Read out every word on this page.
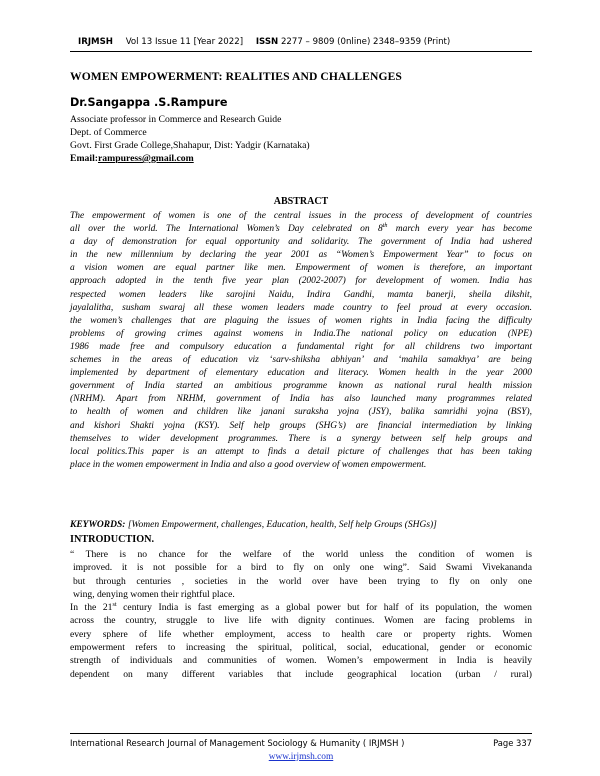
IRJMSH Vol 13 Issue 11 [Year 2022] ISSN 2277 – 9809 (0nline) 2348–9359 (Print)
WOMEN EMPOWERMENT: REALITIES AND CHALLENGES
Dr.Sangappa .S.Rampure
Associate professor in Commerce and Research Guide
Dept. of Commerce
Govt. First Grade College,Shahapur, Dist: Yadgir (Karnataka)
Email:rampuress@gmail.com
ABSTRACT
The empowerment of women is one of the central issues in the process of development of countries
all over the world. The International Women’s Day celebrated on 8th march every year has become
a day of demonstration for equal opportunity and solidarity. The government of India had ushered
in the new millennium by declaring the year 2001 as “Women’s Empowerment Year” to focus on
a vision women are equal partner like men. Empowerment of women is therefore, an important
approach adopted in the tenth five year plan (2002-2007) for development of women. India has
respected women leaders like sarojini Naidu, Indira Gandhi, mamta banerji, sheila dikshit,
jayalalitha, susham swaraj all these women leaders made country to feel proud at every occasion.
the women’s challenges that are plaguing the issues of women rights in India facing the difficulty
problems of growing crimes against womens in India.The national policy on education (NPE)
1986 made free and compulsory education a fundamental right for all childrens two important
schemes in the areas of education viz ‘sarv-shiksha abhiyan’ and ‘mahila samakhya’ are being
implemented by department of elementary education and literacy. Women health in the year 2000
government of India started an ambitious programme known as national rural health mission
(NRHM). Apart from NRHM, government of India has also launched many programmes related
to health of women and children like janani suraksha yojna (JSY), balika samridhi yojna (BSY),
and kishori Shakti yojna (KSY). Self help groups (SHG’s) are financial intermediation by linking
themselves to wider development programmes. There is a synergy between self help groups and
local politics.This paper is an attempt to finds a detail picture of challenges that has been taking
place in the women empowerment in India and also a good overview of women empowerment.
KEYWORDS: [Women Empowerment, challenges, Education, health, Self help Groups (SHGs)]
INTRODUCTION.
“ There is no chance for the welfare of the world unless the condition of women is
improved. it is not possible for a bird to fly on only one wing”. Said Swami Vivekananda
but through centuries , societies in the world over have been trying to fly on only one
wing, denying women their rightful place.
In the 21st century India is fast emerging as a global power but for half of its population, the women
across the country, struggle to live life with dignity continues. Women are facing problems in
every sphere of life whether employment, access to health care or property rights. Women
empowerment refers to increasing the spiritual, political, social, educational, gender or economic
strength of individuals and communities of women. Women’s empowerment in India is heavily
dependent on many different variables that include geographical location (urban / rural)
International Research Journal of Management Sociology & Humanity ( IRJMSH )	Page 337
www.irjmsh.com
